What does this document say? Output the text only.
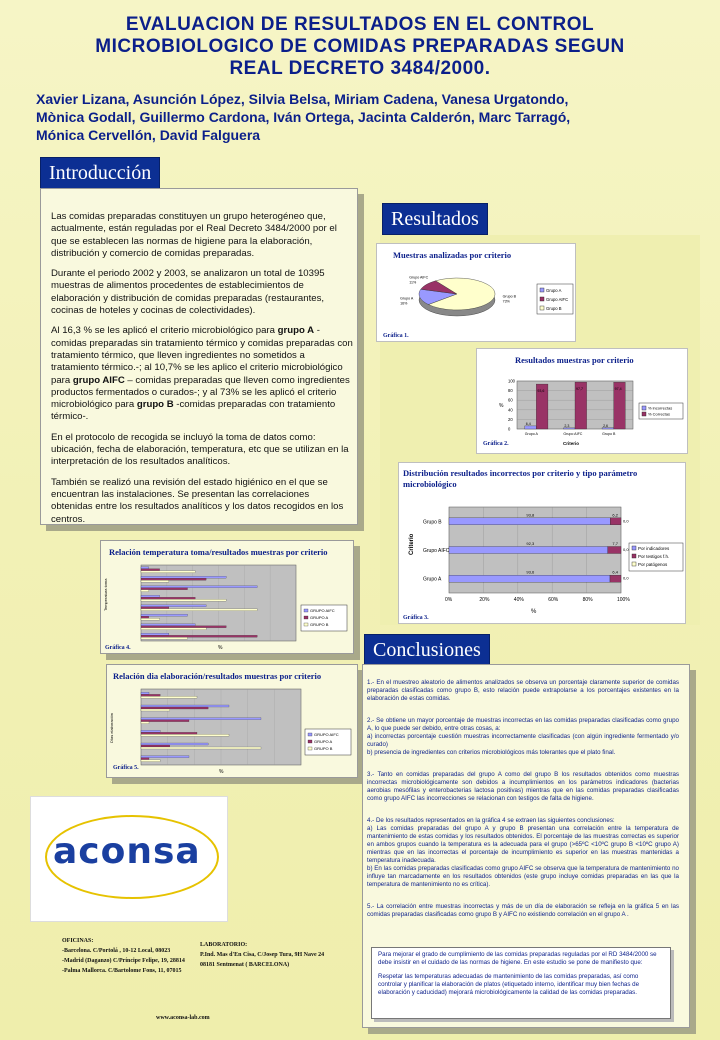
EVALUACION DE RESULTADOS EN EL CONTROL
MICROBIOLOGICO DE COMIDAS PREPARADAS SEGUN
REAL DECRETO 3484/2000.
Xavier Lizana, Asunción López, Silvia Belsa, Miriam Cadena, Vanesa Urgatondo,
Mònica Godall, Guillermo Cardona, Iván Ortega, Jacinta Calderón, Marc Tarragó,
Mónica Cervellón, David Falguera
Introducción

Las comidas preparadas constituyen un grupo heterogéneo que, actualmente, están reguladas por el Real Decreto 3484/2000 por el que se establecen las normas de higiene para la elaboración, distribución y comercio de comidas preparadas.

Durante el periodo 2002 y 2003, se analizaron un total de 10395 muestras de alimentos procedentes de establecimientos de elaboración y distribución de comidas preparadas (restaurantes, cocinas de hoteles y cocinas de colectividades).

Al 16,3 % se les aplicó el criterio microbiológico para grupo A - comidas preparadas sin tratamiento térmico y comidas preparadas con tratamiento térmico, que lleven ingredientes no sometidos a tratamiento térmico.-; al 10,7% se les aplico el criterio microbiológico para grupo AIFC – comidas preparadas que lleven como ingredientes productos fermentados o curados-; y al 73% se les aplicó el criterio microbiológico para grupo B -comidas preparadas con tratamiento térmico-.

En el protocolo de recogida se incluyó la toma de datos como: ubicación, fecha de elaboración, temperatura, etc que se utilizan en la interpretación de los resultados analíticos.

También se realizó una revisión del estado higiénico en el que se encuentran las instalaciones. Se presentan las correlaciones obtenidas entre los resultados analíticos y los datos recogidos en los centros.

Relación temperatura toma/resultados muestras por criterio
Temperatura toma
%
GRUPO AIFC
GRUPO A
GRUPO B
Gráfica 4.
Relación dia elaboración/resultados muestras por criterio
Días elaboración
%
GRUPO AIFC
GRUPO A
GRUPO B
Gráfica 5.
aconsa
OFICINAS:
-Barcelona. C/Portolá , 10-12 Local, 08023
-Madrid (Daganzo) C/Príncipe Felipe, 19, 28814
-Palma Mallorca. C/Bartolome Fons, 11, 07015
LABORATORIO:
P.Ind. Mas d'En Cisa, C/Josep Tura, 9H Nave 24
08181 Sentmenat ( BARCELONA)
www.aconsa-lab.com
Resultados
Muestras analizadas por criterio
Grupo A
16%
Grupo AIFC
11%
Grupo B
73%
Grupo A
Grupo AIFC
Grupo B
Gráfica 1.
Resultados muestras por criterio
0
20
40
60
80
100
6,4
93,6
Grupo A
2,3
97,7
Grupo AIFC
2,6
97,4
Grupo B
%
Criterio
% incorrectas
% Correctas
Gráfica 2.
Distribución resultados incorrectos por criterio y tipo parámetro microbiológico
0%	20%	40%	60%	80%	100%
Grupo B
93,8	6,2
0,0
Grupo AIFC
92,3	7,7
0,0
Grupo A
93,6	6,4
0,0
Criterio
%
Por indicadores
Por testigos f.h.
Por patógenos
Gráfica 3.
Conclusiones

1.- En el muestreo aleatorio de alimentos analizados se observa un porcentaje claramente superior de comidas preparadas clasificadas como grupo B, esto relación puede extrapolarse a los porcentajes existentes en la elaboración de estas comidas.

2.- Se obtiene un mayor porcentaje de muestras incorrectas en las comidas preparadas clasificadas como grupo A, lo que puede ser debido, entre otras cosas, a:
a) incorrectas porcentaje cuestión muestras incorrectamente clasificadas (con algún ingrediente fermentado y/o curado)
b) presencia de ingredientes con criterios microbiológicos más tolerantes que el plato final.

3.- Tanto en comidas preparadas del grupo A como del grupo B los resultados obtenidos como muestras incorrectas microbiológicamente son debidos a incumplimientos en los parámetros indicadores (bacterias aerobias mesófilas y enterobacterias lactosa positivas) mientras que en las comidas preparadas clasificadas como grupo AIFC las incorrecciones se relacionan con testigos de falta de higiene.

4.- De los resultados representados en la gráfica 4 se extraen las siguientes conclusiones:
a) Las comidas preparadas del grupo A y grupo B presentan una correlación entre la temperatura de mantenimiento de estas comidas y los resultados obtenidos. El porcentaje de las muestras correctas es superior en ambos grupos cuando la temperatura es la adecuada para el grupo (>65ºC <10ºC grupo B <10ºC grupo A) mientras que en las incorrectas el porcentaje de incumplimiento es superior en las muestras mantenidas a temperatura inadecuada.
b) En las comidas preparadas clasificadas como grupo AIFC se observa que la temperatura de mantenimiento no influye tan marcadamente en los resultados obtenidos (este grupo incluye comidas preparadas en las que la temperatura de mantenimiento no es crítica).

5.- La correlación entre muestras incorrectas y más de un día de elaboración se refleja en la gráfica 5 en las comidas preparadas clasificadas como grupo B y AIFC no existiendo correlación en el grupo A .

Para mejorar el grado de cumplimiento de las comidas preparadas reguladas por el RD 3484/2000 se debe insistir en el cuidado de las normas de higiene. En este estudio se pone de manifiesto que:

Respetar las temperaturas adecuadas de mantenimiento de las comidas preparadas, así como controlar y planificar la elaboración de platos (etiquetado interno, identificar muy bien fechas de elaboración y caducidad) mejorará microbiológicamente la calidad de las comidas preparadas.
